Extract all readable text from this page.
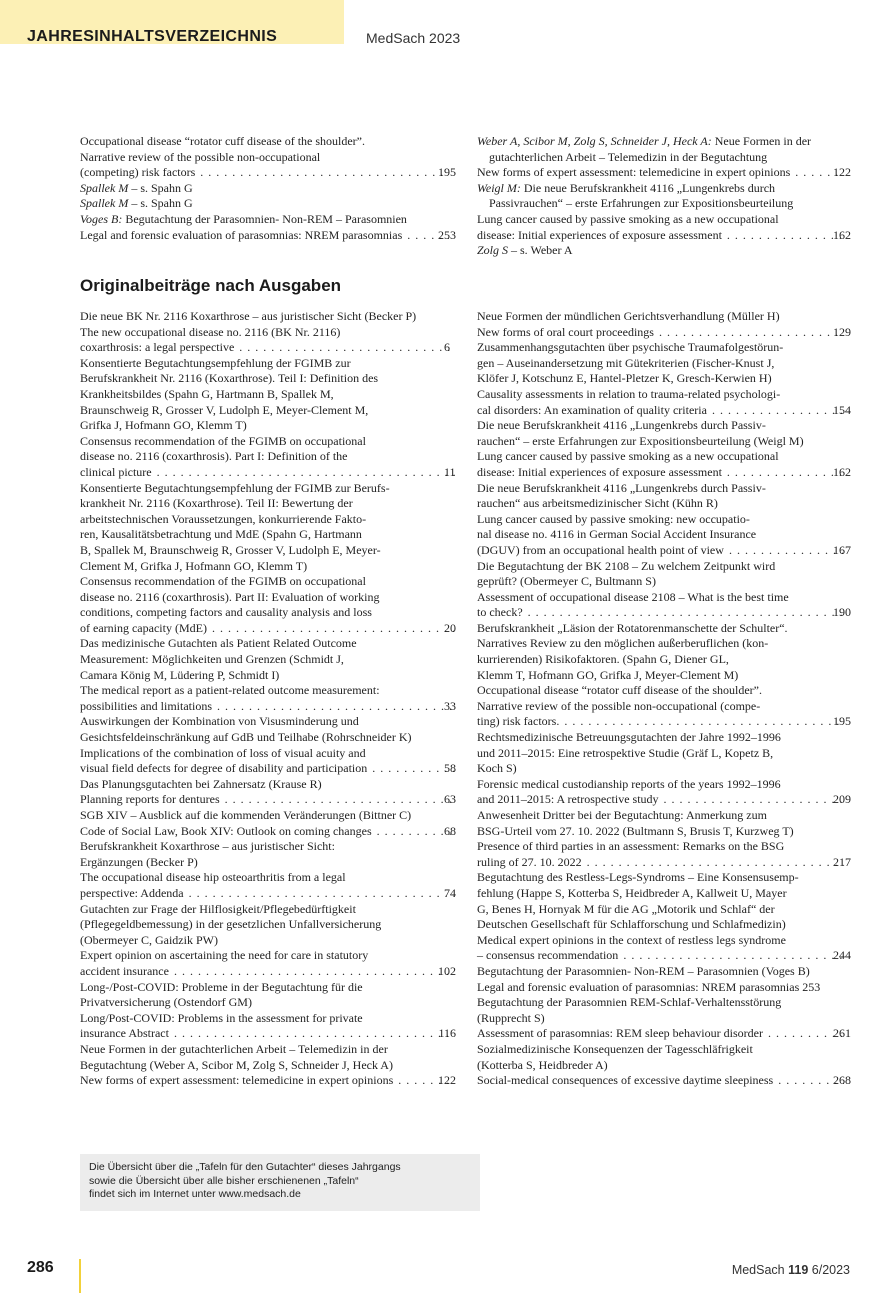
JAHRESINHALTSVERZEICHNIS	MedSach 2023
Occupational disease “rotator cuff disease of the shoulder”.
Narrative review of the possible non-occupational
(competing) risk factors . . .	195
Spallek M – s. Spahn G
Spallek M – s. Spahn G
Voges B: Begutachtung der Parasomnien- Non-REM – Parasomnien
Legal and forensic evaluation of parasomnias: NREM parasomnias . . .	253
Weber A, Scibor M, Zolg S, Schneider J, Heck A: Neue Formen in der gutachterlichen Arbeit – Telemedizin in der Begutachtung
New forms of expert assessment: telemedicine in expert opinions . . .	122
Weigl M: Die neue Berufskrankheit 4116 „Lungenkrebs durch Passivrauchen“ – erste Erfahrungen zur Expositionsbeurteilung
Lung cancer caused by passive smoking as a new occupational
disease: Initial experiences of exposure assessment . . .	162
Zolg S – s. Weber A
Originalbeiträge nach Ausgaben
Die neue BK Nr. 2116 Koxarthrose – aus juristischer Sicht (Becker P)
The new occupational disease no. 2116 (BK Nr. 2116)
coxarthrosis: a legal perspective . . .	6
Konsentierte Begutachtungsempfehlung der FGIMB zur
Berufskrankheit Nr. 2116 (Koxarthrose). Teil I: Definition des
Krankheitsbildes (Spahn G, Hartmann B, Spallek M,
Braunschweig R, Grosser V, Ludolph E, Meyer-Clement M,
Grifka J, Hofmann GO, Klemm T)
Consensus recommendation of the FGIMB on occupational
disease no. 2116 (coxarthrosis). Part I: Definition of the
clinical picture . . .	11
Konsentierte Begutachtungsempfehlung der FGIMB zur Berufs-
krankheit Nr. 2116 (Koxarthrose). Teil II: Bewertung der
arbeitstechnischen Voraussetzungen, konkurrierende Fakto-
ren, Kausalitätsbetrachtung und MdE (Spahn G, Hartmann
B, Spallek M, Braunschweig R, Grosser V, Ludolph E, Meyer-
Clement M, Grifka J, Hofmann GO, Klemm T)
Consensus recommendation of the FGIMB on occupational
disease no. 2116 (coxarthrosis). Part II: Evaluation of working
conditions, competing factors and causality analysis and loss
of earning capacity (MdE) . . .	20
Das medizinische Gutachten als Patient Related Outcome
Measurement: Möglichkeiten und Grenzen (Schmidt J,
Camara König M, Lüdering P, Schmidt I)
The medical report as a patient-related outcome measurement:
possibilities and limitations . . .	33
Auswirkungen der Kombination von Visusminderung und
Gesichtsfeldeinschränkung auf GdB und Teilhabe (Rohrschneider K)
Implications of the combination of loss of visual acuity and
visual field defects for degree of disability and participation . . .	58
Das Planungsgutachten bei Zahnersatz (Krause R)
Planning reports for dentures . . .	63
SGB XIV – Ausblick auf die kommenden Veränderungen (Bittner C)
Code of Social Law, Book XIV: Outlook on coming changes . . .	68
Berufskrankheit Koxarthrose – aus juristischer Sicht:
Ergänzungen (Becker P)
The occupational disease hip osteoarthritis from a legal
perspective: Addenda . . .	74
Gutachten zur Frage der Hilflosigkeit/Pflegebedürftigkeit
(Pflegegeldbemessung) in der gesetzlichen Unfallversicherung
(Obermeyer C, Gaidzik PW)
Expert opinion on ascertaining the need for care in statutory
accident insurance . . .	102
Long-/Post-COVID: Probleme in der Begutachtung für die
Privatversicherung (Ostendorf GM)
Long/Post-COVID: Problems in the assessment for private
insurance Abstract . . .	116
Neue Formen in der gutachterlichen Arbeit – Telemedizin in der
Begutachtung (Weber A, Scibor M, Zolg S, Schneider J, Heck A)
New forms of expert assessment: telemedicine in expert opinions . . .	122
Neue Formen der mündlichen Gerichtsverhandlung (Müller H)
New forms of oral court proceedings . . .	129
Zusammenhangsgutachten über psychische Traumafolgestörun-
gen – Auseinandersetzung mit Gütekriterien (Fischer-Knust J,
Klöfer J, Kotschunz E, Hantel-Pletzer K, Gresch-Kerwien H)
Causality assessments in relation to trauma-related psychologi-
cal disorders: An examination of quality criteria . . .	154
Die neue Berufskrankheit 4116 „Lungenkrebs durch Passiv-
rauchen“ – erste Erfahrungen zur Expositionsbeurteilung (Weigl M)
Lung cancer caused by passive smoking as a new occupational
disease: Initial experiences of exposure assessment . . .	162
Die neue Berufskrankheit 4116 „Lungenkrebs durch Passiv-
rauchen“ aus arbeitsmedizinischer Sicht (Kühn R)
Lung cancer caused by passive smoking: new occupatio-
nal disease no. 4116 in German Social Accident Insurance
(DGUV) from an occupational health point of view . . .	167
Die Begutachtung der BK 2108 – Zu welchem Zeitpunkt wird
geprüft? (Obermeyer C, Bultmann S)
Assessment of occupational disease 2108 – What is the best time
to check? . . .	190
Berufskrankheit „Läsion der Rotatorenmanschette der Schulter“.
Narratives Review zu den möglichen außerberuflichen (kon-
kurrierenden) Risikofaktoren. (Spahn G, Diener GL,
Klemm T, Hofmann GO, Grifka J, Meyer-Clement M)
Occupational disease “rotator cuff disease of the shoulder”.
Narrative review of the possible non-occupational (compe-
ting) risk factors. . . .	195
Rechtsmedizinische Betreuungsgutachten der Jahre 1992–1996
und 2011–2015: Eine retrospektive Studie (Gräf L, Kopetz B,
Koch S)
Forensic medical custodianship reports of the years 1992–1996
and 2011–2015: A retrospective study . . .	209
Anwesenheit Dritter bei der Begutachtung: Anmerkung zum
BSG-Urteil vom 27. 10. 2022 (Bultmann S, Brusis T, Kurzweg T)
Presence of third parties in an assessment: Remarks on the BSG
ruling of 27. 10. 2022 . . .	217
Begutachtung des Restless-Legs-Syndroms – Eine Konsensusemp-
fehlung (Happe S, Kotterba S, Heidbreder A, Kallweit U, Mayer
G, Benes H, Hornyak M für die AG „Motorik und Schlaf“ der
Deutschen Gesellschaft für Schlafforschung und Schlafmedizin)
Medical expert opinions in the context of restless legs syndrome
– consensus recommendation . . .	244
Begutachtung der Parasomnien- Non-REM – Parasomnien (Voges B)
Legal and forensic evaluation of parasomnias: NREM parasomnias 253
Begutachtung der Parasomnien REM-Schlaf-Verhaltensstörung
(Rupprecht S)
Assessment of parasomnias: REM sleep behaviour disorder . . .	261
Sozialmedizinische Konsequenzen der Tagesschläfrigkeit
(Kotterba S, Heidbreder A)
Social-medical consequences of excessive daytime sleepiness . . .	268
Die Übersicht über die „Tafeln für den Gutachter“ dieses Jahrgangs
sowie die Übersicht über alle bisher erschienenen „Tafeln“
findet sich im Internet unter www.medsach.de
286	MedSach 119 6/2023
